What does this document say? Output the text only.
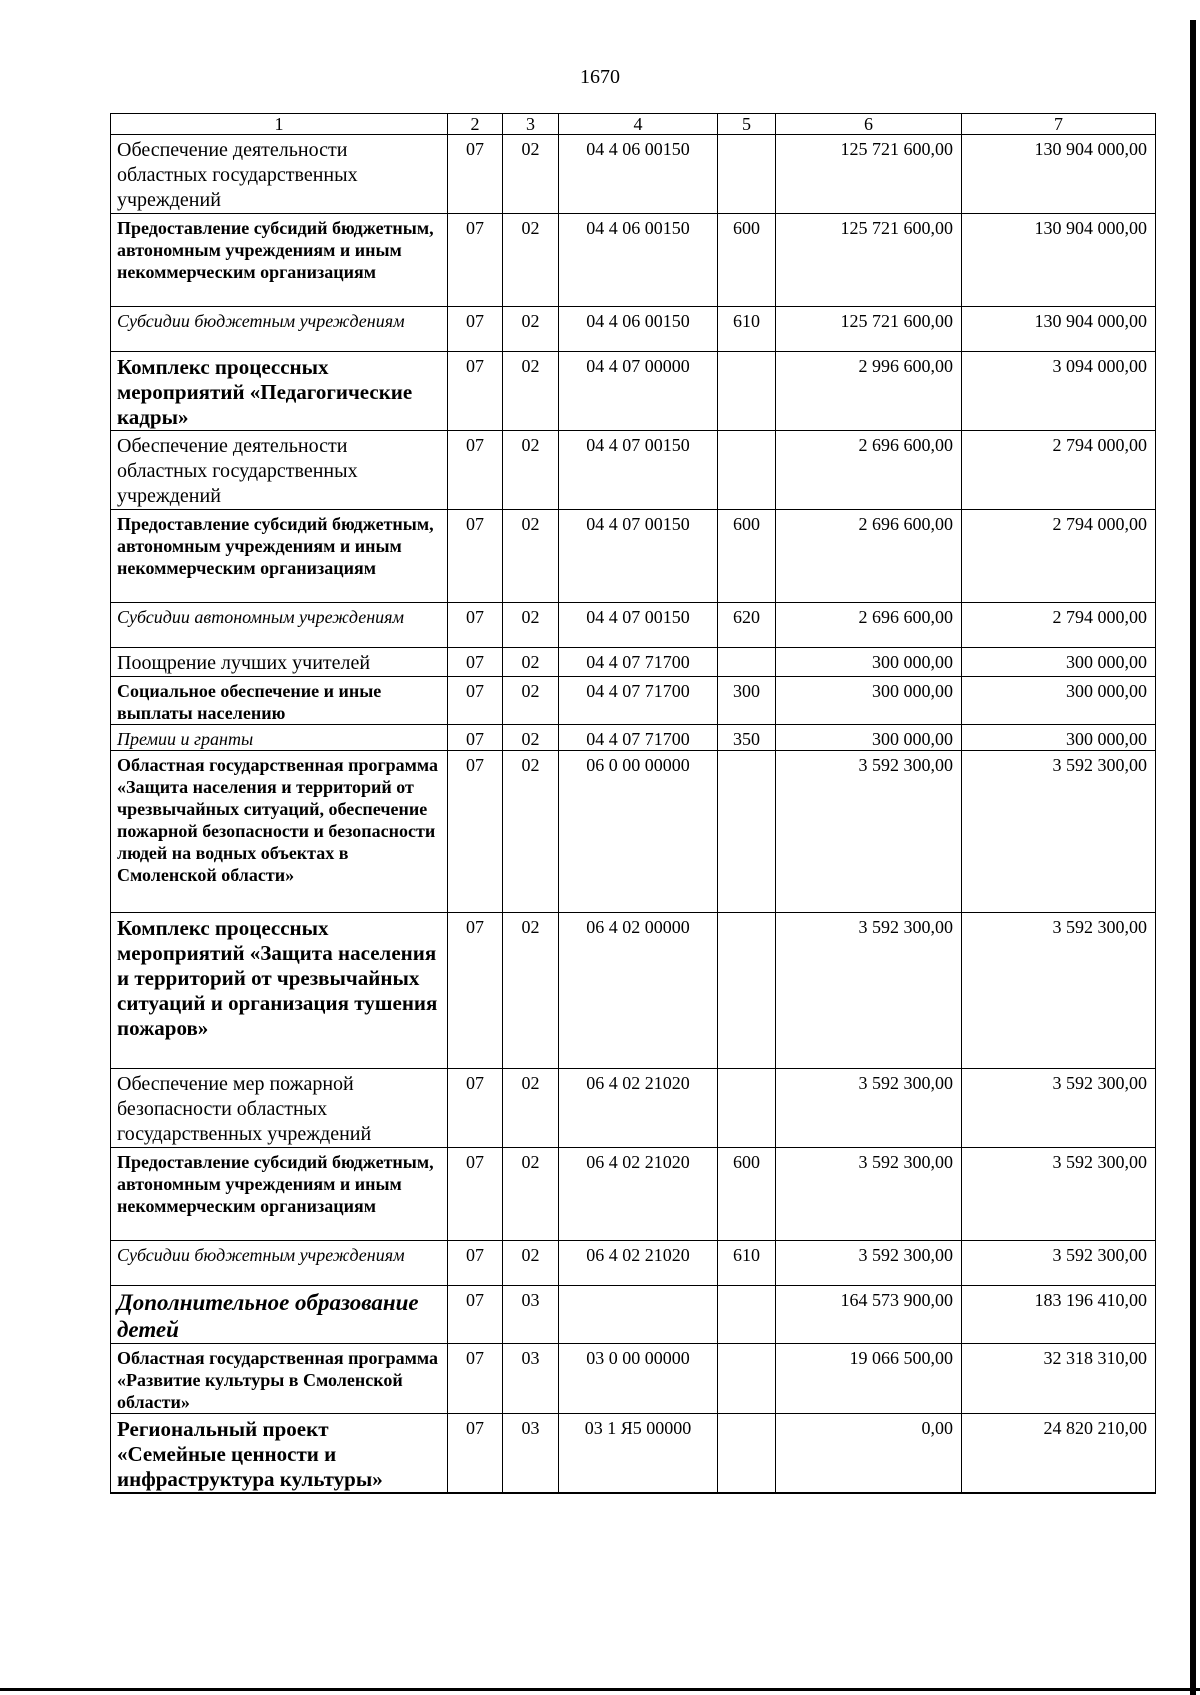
1670
1	2	3	4	5	6	7
Обеспечение деятельности областных государственных учреждений	07	02	04 4 06 00150		125 721 600,00	130 904 000,00
Предоставление субсидий бюджетным, автономным учреждениям и иным некоммерческим организациям	07	02	04 4 06 00150	600	125 721 600,00	130 904 000,00
Субсидии бюджетным учреждениям	07	02	04 4 06 00150	610	125 721 600,00	130 904 000,00
Комплекс процессных мероприятий «Педагогические кадры»	07	02	04 4 07 00000		2 996 600,00	3 094 000,00
Обеспечение деятельности областных государственных учреждений	07	02	04 4 07 00150		2 696 600,00	2 794 000,00
Предоставление субсидий бюджетным, автономным учреждениям и иным некоммерческим организациям	07	02	04 4 07 00150	600	2 696 600,00	2 794 000,00
Субсидии автономным учреждениям	07	02	04 4 07 00150	620	2 696 600,00	2 794 000,00
Поощрение лучших учителей	07	02	04 4 07 71700		300 000,00	300 000,00
Социальное обеспечение и иные выплаты населению	07	02	04 4 07 71700	300	300 000,00	300 000,00
Премии и гранты	07	02	04 4 07 71700	350	300 000,00	300 000,00
Областная государственная программа «Защита населения и территорий от чрезвычайных ситуаций, обеспечение пожарной безопасности и безопасности людей на водных объектах в Смоленской области»	07	02	06 0 00 00000		3 592 300,00	3 592 300,00
Комплекс процессных мероприятий «Защита населения и территорий от чрезвычайных ситуаций и организация тушения пожаров»	07	02	06 4 02 00000		3 592 300,00	3 592 300,00
Обеспечение мер пожарной безопасности областных государственных учреждений	07	02	06 4 02 21020		3 592 300,00	3 592 300,00
Предоставление субсидий бюджетным, автономным учреждениям и иным некоммерческим организациям	07	02	06 4 02 21020	600	3 592 300,00	3 592 300,00
Субсидии бюджетным учреждениям	07	02	06 4 02 21020	610	3 592 300,00	3 592 300,00
Дополнительное образование детей	07	03			164 573 900,00	183 196 410,00
Областная государственная программа «Развитие культуры в Смоленской области»	07	03	03 0 00 00000		19 066 500,00	32 318 310,00
Региональный проект «Семейные ценности и инфраструктура культуры»	07	03	03 1 Я5 00000		0,00	24 820 210,00
